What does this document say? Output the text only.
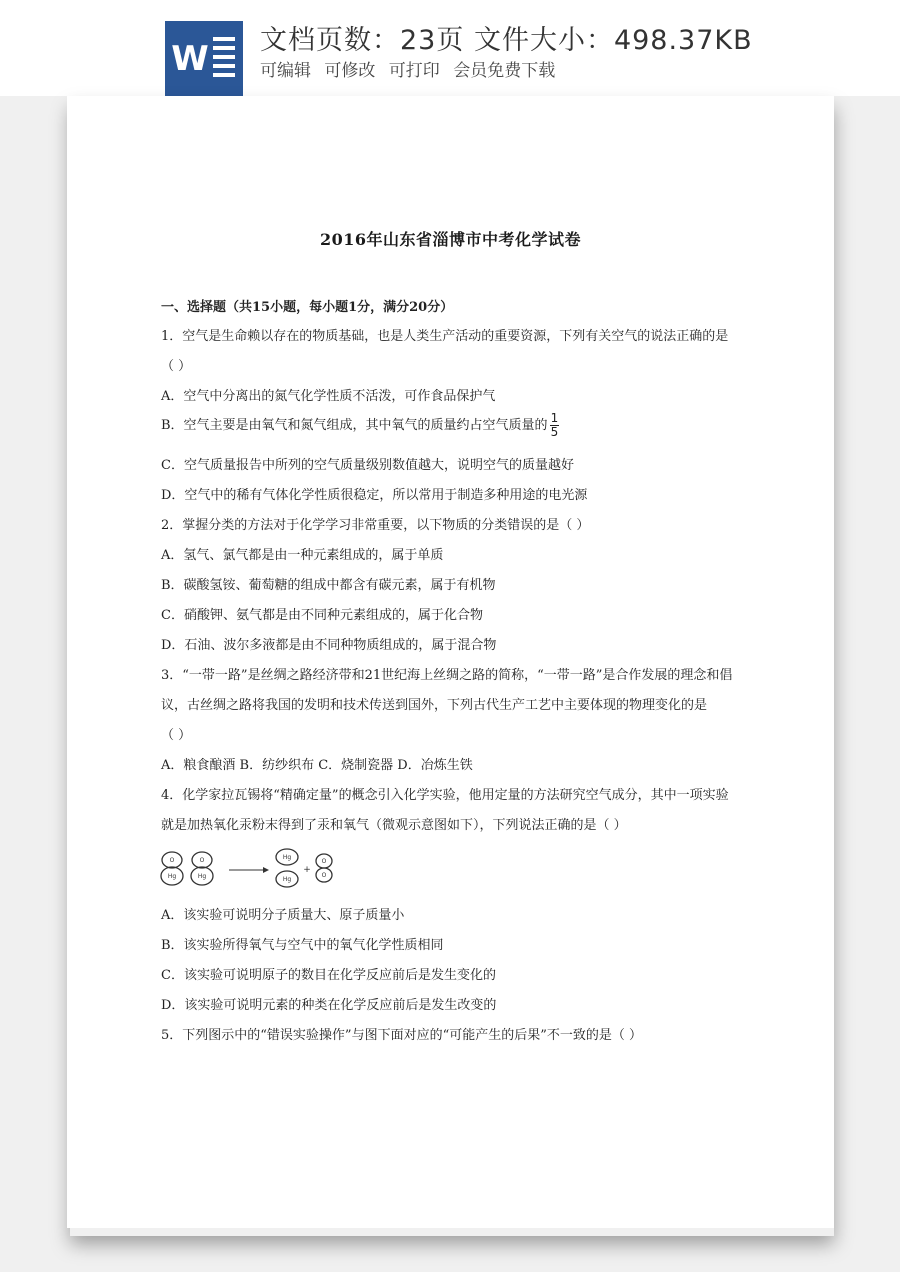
W 文档页数：23页 文件大小：498.37KB
可编辑 可修改 可打印 会员免费下载
2016年山东省淄博市中考化学试卷
一、选择题（共15小题，每小题1分，满分20分）
1．空气是生命赖以存在的物质基础，也是人类生产活动的重要资源，下列有关空气的说法正确的是
（ ）
A．空气中分离出的氮气化学性质不活泼，可作食品保护气
B．空气主要是由氧气和氮气组成，其中氧气的质量约占空气质量的 $\frac{1}{5}$
C．空气质量报告中所列的空气质量级别数值越大，说明空气的质量越好
D．空气中的稀有气体化学性质很稳定，所以常用于制造多种用途的电光源
2．掌握分类的方法对于化学学习非常重要，以下物质的分类错误的是（ ）
A．氢气、氯气都是由一种元素组成的，属于单质
B．碳酸氢铵、葡萄糖的组成中都含有碳元素，属于有机物
C．硝酸钾、氨气都是由不同种元素组成的，属于化合物
D．石油、波尔多液都是由不同种物质组成的，属于混合物
3．“一带一路”是丝绸之路经济带和21世纪海上丝绸之路的简称，“一带一路”是合作发展的理念和倡
议，古丝绸之路将我国的发明和技术传送到国外，下列古代生产工艺中主要体现的物理变化的是
（ ）
A．粮食酿酒 B．纺纱织布 C．烧制瓷器 D．冶炼生铁
4．化学家拉瓦锡将“精确定量”的概念引入化学实验，他用定量的方法研究空气成分，其中一项实验
就是加热氧化汞粉末得到了汞和氧气（微观示意图如下），下列说法正确的是（ ）
O
Hg
O
Hg
Hg
Hg
+
O
O
A．该实验可说明分子质量大、原子质量小
B．该实验所得氧气与空气中的氧气化学性质相同
C．该实验可说明原子的数目在化学反应前后是发生变化的
D．该实验可说明元素的种类在化学反应前后是发生改变的
5．下列图示中的“错误实验操作”与图下面对应的“可能产生的后果”不一致的是（ ）
